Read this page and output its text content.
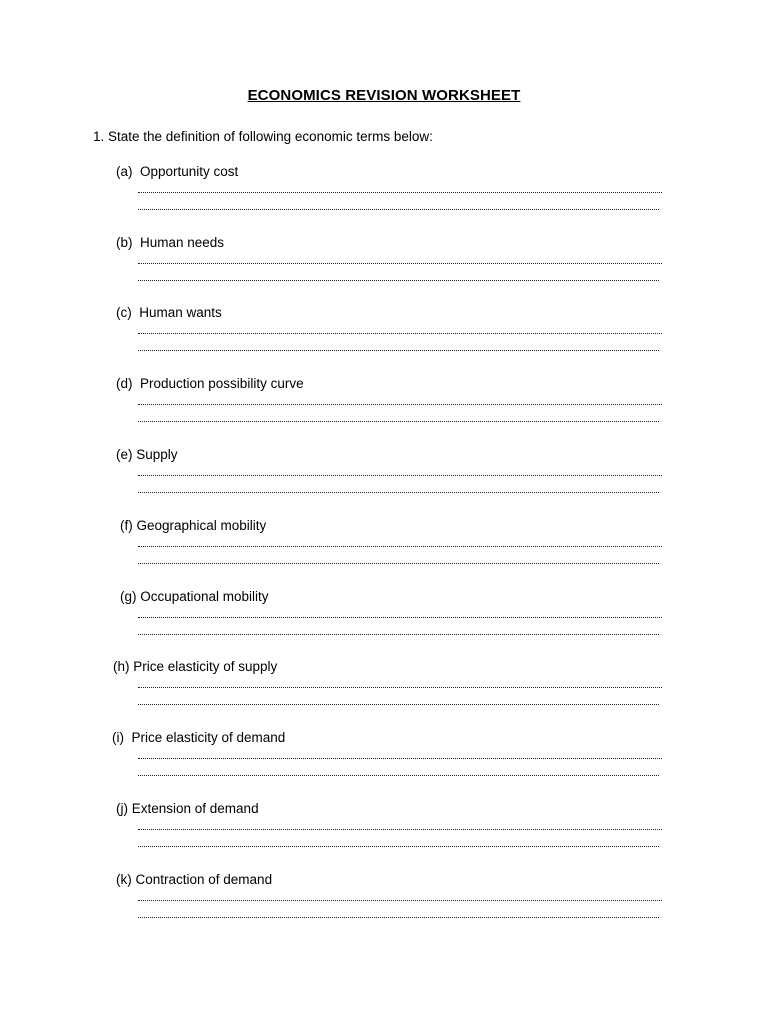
ECONOMICS REVISION WORKSHEET
1. State the definition of following economic terms below:
(a)  Opportunity cost
(b)  Human needs
(c)  Human wants
(d)  Production possibility curve
(e) Supply
(f) Geographical mobility
(g) Occupational mobility
(h) Price elasticity of supply
(i)  Price elasticity of demand
(j) Extension of demand
(k) Contraction of demand
